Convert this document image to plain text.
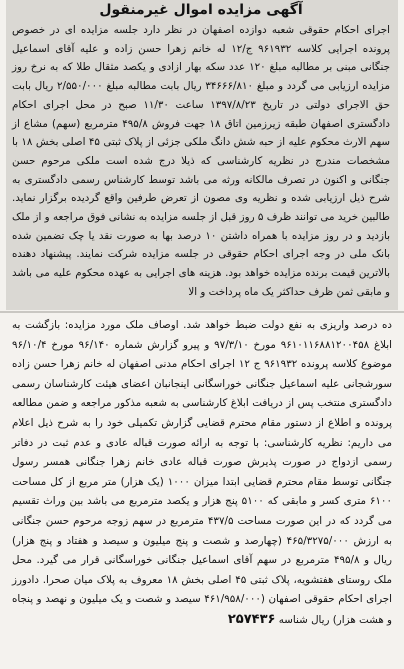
آگهی مزایده اموال غیرمنقول

اجرای احکام حقوقی شعبه دوازده اصفهان در نظر دارد جلسه مزایده ای در خصوص پرونده اجرایی کلاسه ۹۶۱۹۳۲ ج/۱۲ له خانم زهرا حسن زاده و علیه آقای اسماعیل جنگانی مبنی بر مطالبه مبلغ ۱۲۰ عدد سکه بهار ازادی و یکصد مثقال طلا که به نرخ روز مزایده ارزیابی می گردد و مبلغ ۳۴۶۶۶/۸۱۰ ریال بابت مطالبه مبلغ ۲/۵۵۰/۰۰۰ ریال بابت حق الاجرای دولتی در تاریخ ۱۳۹۷/۸/۲۳ ساعت ۱۱/۳۰ صبح در محل اجرای احکام دادگستری اصفهان طبقه زیرزمین اتاق ۱۸ جهت فروش ۴۹۵/۸ مترمربع (سهم) مشاع از سهم الارث محکوم علیه از حبه شش دانگ ملکی جزئی از پلاک ثبتی ۴۵ اصلی بخش ۱۸ با مشخصات مندرج در نظریه کارشناسی که ذیلا درج شده است ملکی مرحوم حسن جنگانی و اکنون در تصرف مالکانه ورثه می باشد توسط کارشناس رسمی دادگستری به شرح ذیل ارزیابی شده و نظریه وی مصون از تعرض طرفین واقع گردیده برگزار نماید. طالبین خرید می توانند ظرف ۵ روز قبل از جلسه مزایده به نشانی فوق مراجعه و از ملک بازدید و در روز مزایده با همراه داشتن ۱۰ درصد بها به صورت نقد یا چک تضمین شده بانک ملی در وجه اجرای احکام حقوقی در جلسه مزایده شرکت نمایند. پیشنهاد دهنده بالاترین قیمت برنده مزایده خواهد بود. هزینه های اجرایی به عهده محکوم علیه می باشد و مابقی ثمن ظرف حداکثر یک ماه پرداخت و الا

ده درصد واریزی به نفع دولت ضبط خواهد شد. اوصاف ملک مورد مزایده: بازگشت به ابلاغ ۹۶۱۰۱۱۶۸۸۱۲۰۰۴۵۸ مورخ ۹۷/۳/۱۰ و پیرو گزارش شماره ۹۶/۱۴۰ مورخ ۹۶/۱۰/۴ موضوع کلاسه پرونده ۹۶۱۹۳۲ ج ۱۲ اجرای احکام مدنی اصفهان له خانم زهرا حسن زاده سورشجانی علیه اسماعیل جنگانی خوراسگانی اینجانبان اعضای هیئت کارشناسان رسمی دادگستری منتخب پس از دریافت ابلاغ کارشناسی به شعبه مذکور مراجعه و ضمن مطالعه پرونده و اطلاع از دستور مقام محترم قضایی گزارش تکمیلی خود را به شرح ذیل اعلام می داریم: نظریه کارشناسی: با توجه به ارائه صورت قباله عادی و عدم ثبت در دفاتر رسمی ازدواج در صورت پذیرش صورت قباله عادی خانم زهرا جنگانی همسر رسول جنگانی توسط مقام محترم قضایی ابتدا میزان ۱۰۰۰ (یک هزار) متر مربع از کل مساحت ۶۱۰۰ متری کسر و مابقی که ۵۱۰۰ پنج هزار و یکصد مترمربع می باشد بین وراث تقسیم می گردد که در این صورت مساحت ۴۳۷/۵ مترمربع در سهم زوجه مرحوم حسن جنگانی به ارزش ۴۶۵/۳۲۷۵/۰۰۰ (چهارصد و شصت و پنج میلیون و سیصد و هفتاد و پنج هزار) ریال و ۴۹۵/۸ مترمربع در سهم آقای اسماعیل جنگانی خوراسگانی قرار می گیرد. محل ملک روستای هفتشویه، پلاک ثبتی ۴۵ اصلی بخش ۱۸ معروف به پلاک میان صحرا. دادورز اجرای احکام حقوقی اصفهان (۴۶۱/۹۵۸/۰۰۰ سیصد و شصت و یک میلیون و نهصد و پنجاه و هشت هزار) ریال شناسه ۲۵۷۴۳۶
